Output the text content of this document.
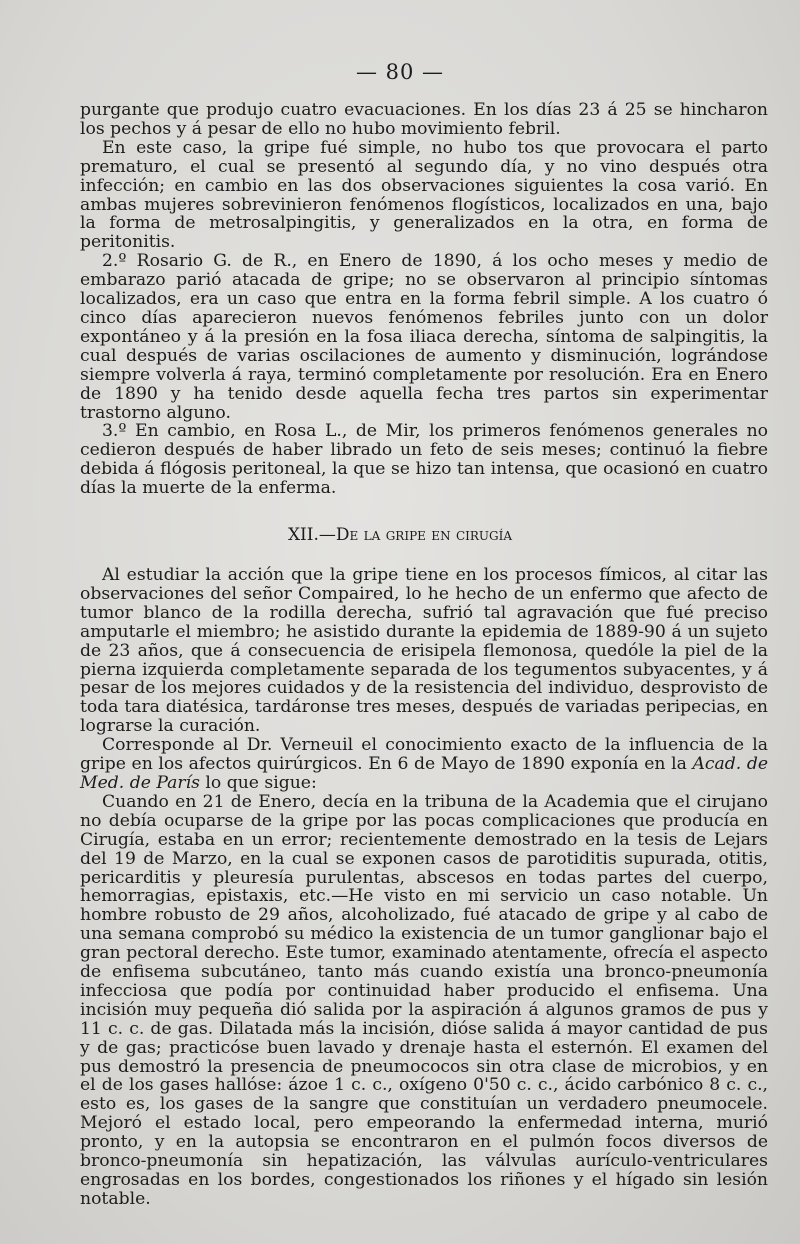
— 80 —

purgante que produjo cuatro evacuaciones. En los días 23 á 25 se hincharon los pechos y á pesar de ello no hubo movimiento febril.

En este caso, la gripe fué simple, no hubo tos que provocara el parto prematuro, el cual se presentó al segundo día, y no vino después otra infección; en cambio en las dos observaciones siguientes la cosa varió. En ambas mujeres sobrevinieron fenómenos flogísticos, localizados en una, bajo la forma de metrosalpingitis, y generalizados en la otra, en forma de peritonitis.

2.º Rosario G. de R., en Enero de 1890, á los ocho meses y medio de embarazo parió atacada de gripe; no se observaron al principio síntomas localizados, era un caso que entra en la forma febril simple. A los cuatro ó cinco días aparecieron nuevos fenómenos febriles junto con un dolor expontáneo y á la presión en la fosa iliaca derecha, síntoma de salpingitis, la cual después de varias oscilaciones de aumento y disminución, lográndose siempre volverla á raya, terminó completamente por resolución. Era en Enero de 1890 y ha tenido desde aquella fecha tres partos sin experimentar trastorno alguno.

3.º En cambio, en Rosa L., de Mir, los primeros fenómenos generales no cedieron después de haber librado un feto de seis meses; continuó la fiebre debida á flógosis peritoneal, la que se hizo tan intensa, que ocasionó en cuatro días la muerte de la enferma.

XII.—De la gripe en cirugía

Al estudiar la acción que la gripe tiene en los procesos fímicos, al citar las observaciones del señor Compaired, lo he hecho de un enfermo que afecto de tumor blanco de la rodilla derecha, sufrió tal agravación que fué preciso amputarle el miembro; he asistido durante la epidemia de 1889-90 á un sujeto de 23 años, que á consecuencia de erisipela flemonosa, quedóle la piel de la pierna izquierda completamente separada de los tegumentos subyacentes, y á pesar de los mejores cuidados y de la resistencia del individuo, desprovisto de toda tara diatésica, tardáronse tres meses, después de variadas peripecias, en lograrse la curación.

Corresponde al Dr. Verneuil el conocimiento exacto de la influencia de la gripe en los afectos quirúrgicos. En 6 de Mayo de 1890 exponía en la Acad. de Med. de París lo que sigue:

Cuando en 21 de Enero, decía en la tribuna de la Academia que el cirujano no debía ocuparse de la gripe por las pocas complicaciones que producía en Cirugía, estaba en un error; recientemente demostrado en la tesis de Lejars del 19 de Marzo, en la cual se exponen casos de parotiditis supurada, otitis, pericarditis y pleuresía purulentas, abscesos en todas partes del cuerpo, hemorragias, epistaxis, etc.—He visto en mi servicio un caso notable. Un hombre robusto de 29 años, alcoholizado, fué atacado de gripe y al cabo de una semana comprobó su médico la existencia de un tumor ganglionar bajo el gran pectoral derecho. Este tumor, examinado atentamente, ofrecía el aspecto de enfisema subcutáneo, tanto más cuando existía una bronco-pneumonía infecciosa que podía por continuidad haber producido el enfisema. Una incisión muy pequeña dió salida por la aspiración á algunos gramos de pus y 11 c. c. de gas. Dilatada más la incisión, dióse salida á mayor cantidad de pus y de gas; practicóse buen lavado y drenaje hasta el esternón. El examen del pus demostró la presencia de pneumococos sin otra clase de microbios, y en el de los gases hallóse: ázoe 1 c. c., oxígeno 0'50 c. c., ácido carbónico 8 c. c., esto es, los gases de la sangre que constituían un verdadero pneumocele. Mejoró el estado local, pero empeorando la enfermedad interna, murió pronto, y en la autopsia se encontraron en el pulmón focos diversos de bronco-pneumonía sin hepatización, las válvulas aurículo-ventriculares engrosadas en los bordes, congestionados los riñones y el hígado sin lesión notable.
